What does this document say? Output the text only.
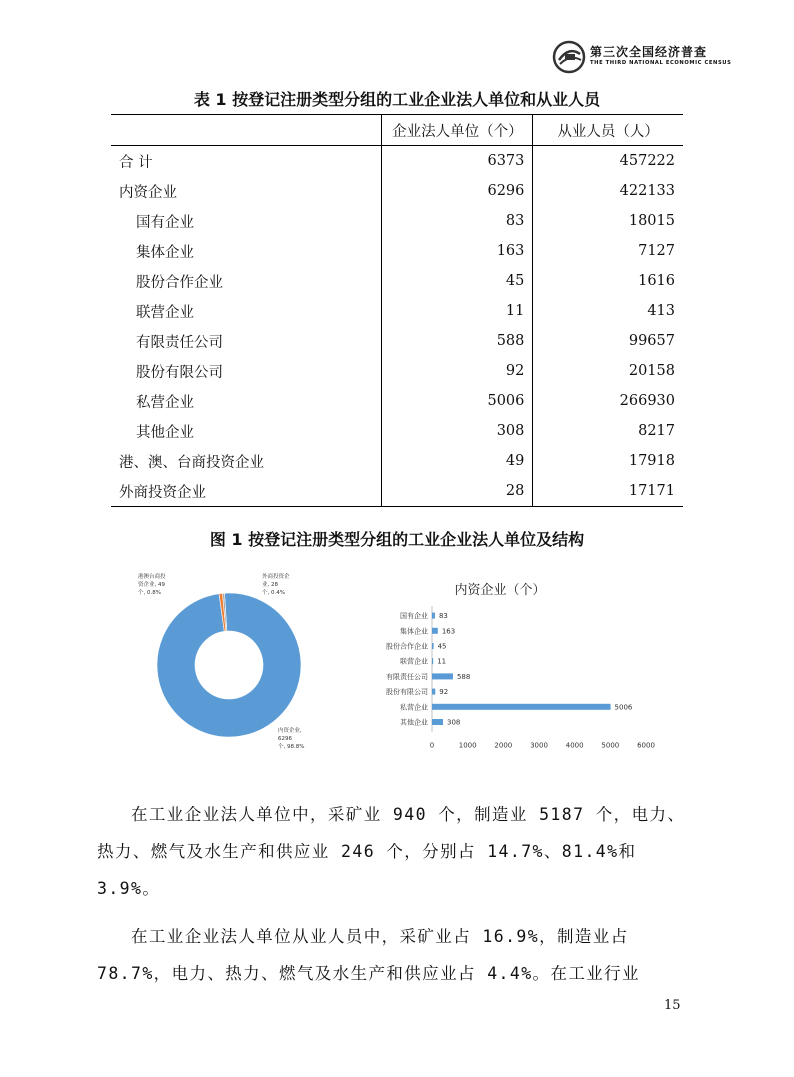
第三次全国经济普查
THE THIRD NATIONAL ECONOMIC CENSUS
表 1 按登记注册类型分组的工业企业法人单位和从业人员
	企业法人单位（个）	从业人员（人）
合 计	6373	457222
内资企业	6296	422133
国有企业	83	18015
集体企业	163	7127
股份合作企业	45	1616
联营企业	11	413
有限责任公司	588	99657
股份有限公司	92	20158
私营企业	5006	266930
其他企业	308	8217
港、澳、台商投资企业	49	17918
外商投资企业	28	17171
图 1 按登记注册类型分组的工业企业法人单位及结构
内资企业, 6296 个, 98.8%
港澳台商投资企业, 49 个, 0.8%
外商投资企业, 28 个, 0.4%	内资企业（个）
国有企业 83
集体企业 163
股份合作企业 45
联营企业 11
有限责任公司	588
股份有限公司 92
私营企业	5006
其他企业	308
0	1000	2000	3000	4000	5000	6000

在工业企业法人单位中，采矿业 940 个，制造业 5187 个，电力、热力、燃气及水生产和供应业 246 个，分别占 14.7%、81.4%和 3.9%。

在工业企业法人单位从业人员中，采矿业占 16.9%，制造业占 78.7%，电力、热力、燃气及水生产和供应业占 4.4%。在工业行业

15
